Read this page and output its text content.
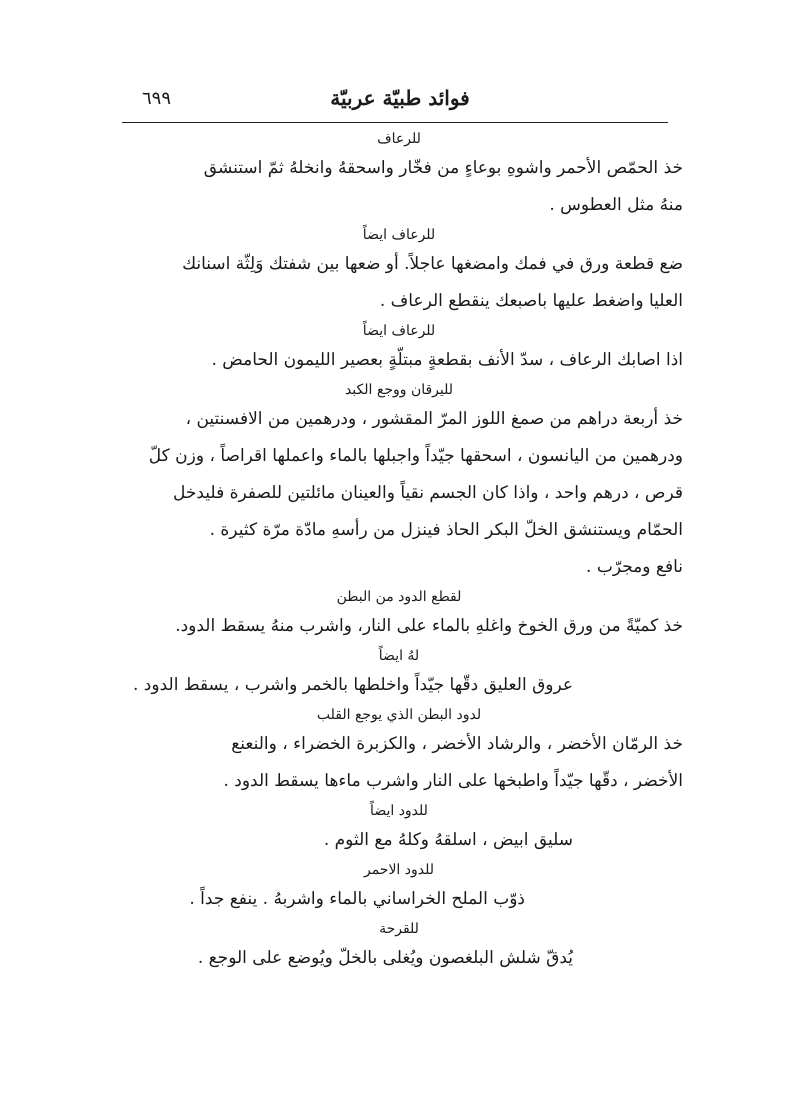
فوائد طبيّة عربيّة
٦٩٩

للرعاف

خذ الحمّص الأحمر واشوهِ بوعاءٍ من فخّار واسحقهُ وانخلهُ ثمّ استنشق

منهُ مثل العطوس .

للرعاف ايضاً

ضع قطعة ورق في فمك وامضغها عاجلاً. أو ضعها بين شفتك وَلِثّة اسنانك

العليا واضغط عليها باصبعك ينقطع الرعاف .

للرعاف ايضاً

اذا اصابك الرعاف ، سدّ الأنف بقطعةٍ مبتلّةٍ بعصير الليمون الحامض .

لليرقان ووجع الكبد

خذ أربعة دراهم من صمغ اللوز المرّ المقشور ، ودرهمين من الافسنتين ،

ودرهمين من اليانسون ، اسحقها جيّداً واجبلها بالماء واعملها اقراصاً ، وزن كلّ

قرص ، درهم واحد ، واذا كان الجسم نقياً والعينان مائلتين للصفرة فليدخل

الحمّام ويستنشق الخلّ البكر الحاذ فينزل من رأسهِ مادّة مرّة كثيرة .

نافع ومجرّب .

لقطع الدود من البطن

خذ كميّةً من ورق الخوخ واغلهِ بالماء على النار، واشرب منهُ يسقط الدود.

لهُ ايضاً

عروق العليق دقّها جيّداً واخلطها بالخمر واشرب ، يسقط الدود .

لدود البطن الذي يوجع القلب

خذ الرمّان الأخضر ، والرشاد الأخضر ، والكزبرة الخضراء ، والنعنع

الأخضر ، دقّها جيّداً واطبخها على النار واشرب ماءها يسقط الدود .

للدود ايضاً

سليق ابيض ، اسلقهُ وكلهُ مع الثوم .

للدود الاحمر

ذوّب الملح الخراساني بالماء واشربهُ . ينفع جداً .

للقرحة

يُدقّ شلش البلغصون ويُغلى بالخلّ ويُوضع على الوجع .
